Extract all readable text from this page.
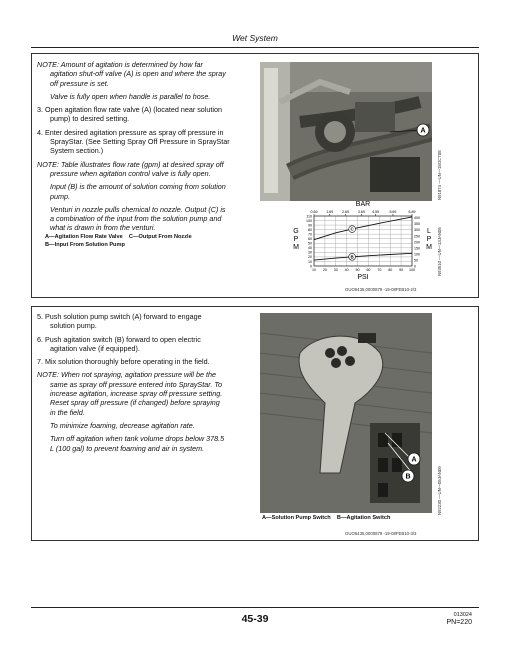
Wet System
NOTE: Amount of agitation is determined by how far
agitation shut-off valve (A) is open and where the spray
off pressure is set.
Valve is fully open when handle is parallel to hose.
3. Open agitation flow rate valve (A) (located near solution
pump) to desired setting.
4. Enter desired agitation pressure as spray off pressure in
SprayStar. (See Setting Spray Off Pressure in SprayStar
System section.)
NOTE: Table illustrates flow rate (gpm) at desired spray off
pressure when agitation control valve is fully open.
Input (B) is the amount of solution coming from solution
pump.
Venturi in nozzle pulls chemical to nozzle. Output (C) is
a combination of the input from the solution pump and
what is drawn in from the venturi.
A—Agitation Flow Rate Valve C—Output From Nozzle
B—Input From Solution Pump
A
N91874 —UN—18OCT08
BAR
0.69 1.69 2.69 3.69 4.59	5.69	6.89
10 20 30 40 50 60 70 80 90 100
PSI
0
10
20
30
40
50
60
70
80
90
100
110
0
50
100
150
200
250
300
350
400
G
P
M
L
P
M
C
B	N93510 —UN—13JAN05
OUO6435,0000879 -19-08FEB10-2/3
5. Push solution pump switch (A) forward to engage
solution pump.
6. Push agitation switch (B) forward to open electric
agitation valve (if equipped).
7. Mix solution thoroughly before operating in the field.
NOTE: When not spraying, agitation pressure will be the
same as spray off pressure entered into SprayStar. To
increase agitation, increase spray off pressure setting.
Reset spray off pressure (if changed) before spraying
in the field.
To minimize foaming, decrease agitation rate.
Turn off agitation when tank volume drops below 378.5
L (100 gal) to prevent foaming and air in system.
A
B	N92230 —UN—05JAN09
A—Solution Pump Switch B—Agitation Switch
OUO6435,0000879 -19-08FEB10-3/3
45-39	013024
PN=220
